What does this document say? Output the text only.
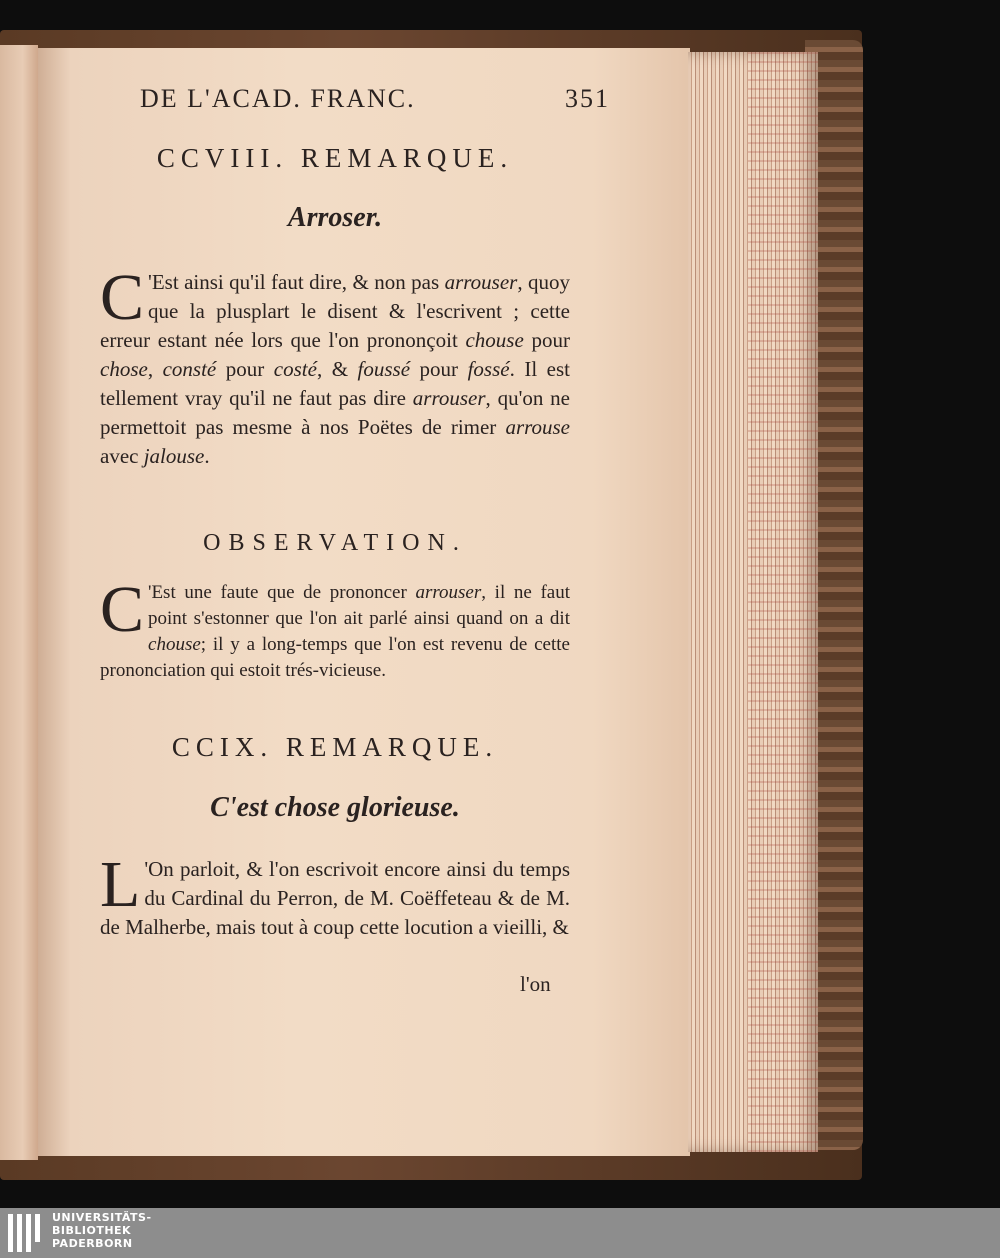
DE L'ACAD. FRANC.	351
CCVIII. REMARQUE.
Arroser.
C 'Est ainsi qu'il faut dire, & non pas arrouser, quoy que la plusplart le disent & l'escrivent ; cette erreur estant née lors que l'on prononçoit chouse pour chose, consté pour costé, & foussé pour fossé. Il est tellement vray qu'il ne faut pas dire arrouser, qu'on ne permettoit pas mesme à nos Poëtes de rimer arrouse avec jalouse.
OBSERVATION.
C 'Est une faute que de prononcer arrouser, il ne faut point s'estonner que l'on ait parlé ainsi quand on a dit chouse; il y a long-temps que l'on est revenu de cette prononciation qui estoit trés-vicieuse.
CCIX. REMARQUE.
C'est chose glorieuse.
L 'On parloit, & l'on escrivoit encore ainsi du temps du Cardinal du Perron, de M. Coëffeteau & de M. de Malherbe, mais tout à coup cette locution a vieilli, &
l'on
UNIVERSITÄTS-
BIBLIOTHEK
PADERBORN
